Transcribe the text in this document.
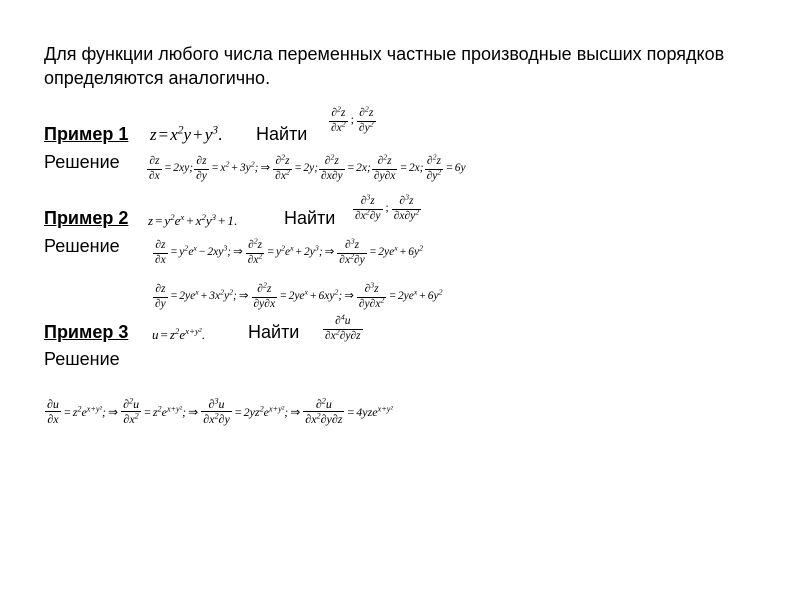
Для функции любого числа переменных частные производные высших порядков определяются аналогично.
Пример 1 $z = x^2y + y^3$ . Найти $\frac{\partial^2z}{\partial x^2}$ ; $\frac{\partial^2z}{\partial y^2}$
Решение $\frac{\partial z}{\partial x} = 2xy$; $\frac{\partial z}{\partial y} = x^2 + 3y^2$; ⇒ $\frac{\partial^2z}{\partial x^2} = 2y$; $\frac{\partial^2z}{\partial x\partial y} = 2x$; $\frac{\partial^2z}{\partial y\partial x} = 2x$; $\frac{\partial^2z}{\partial y^2} = 6y$
Пример 2 $z = y^2e^x + x^2y^3 + 1$ .	Найти $\frac{\partial^3z}{\partial x^2\partial y}$ ; $\frac{\partial^3z}{\partial x\partial y^2}$
Решение	$\frac{\partial z}{\partial x} = y^2e^x - 2xy^3$; ⇒ $\frac{\partial^2z}{\partial x^2} = y^2e^x + 2y^3$; ⇒ $\frac{\partial^3z}{\partial x^2\partial y} = 2ye^x + 6y^2$
$\frac{\partial z}{\partial y} = 2ye^x + 3x^2y^2$; ⇒ $\frac{\partial^2z}{\partial y\partial x} = 2ye^x + 6xy^2$; ⇒ $\frac{\partial^3z}{\partial y\partial x^2} = 2ye^x + 6y^2$
Пример 3 $u = z^2e^{x+y^2}$ . Найти $\frac{\partial^4u}{\partial x^2\partial y\partial z}$
Решение
$\frac{\partial u}{\partial x} = z^2e^{x+y^2}$; ⇒ $\frac{\partial^2u}{\partial x^2} = z^2e^{x+y^2}$; ⇒ $\frac{\partial^3u}{\partial x^2\partial y} = 2yz^2e^{x+y^2}$; ⇒ $\frac{\partial^2u}{\partial x^2\partial y\partial z} = 4yze^{x+y^2}$
